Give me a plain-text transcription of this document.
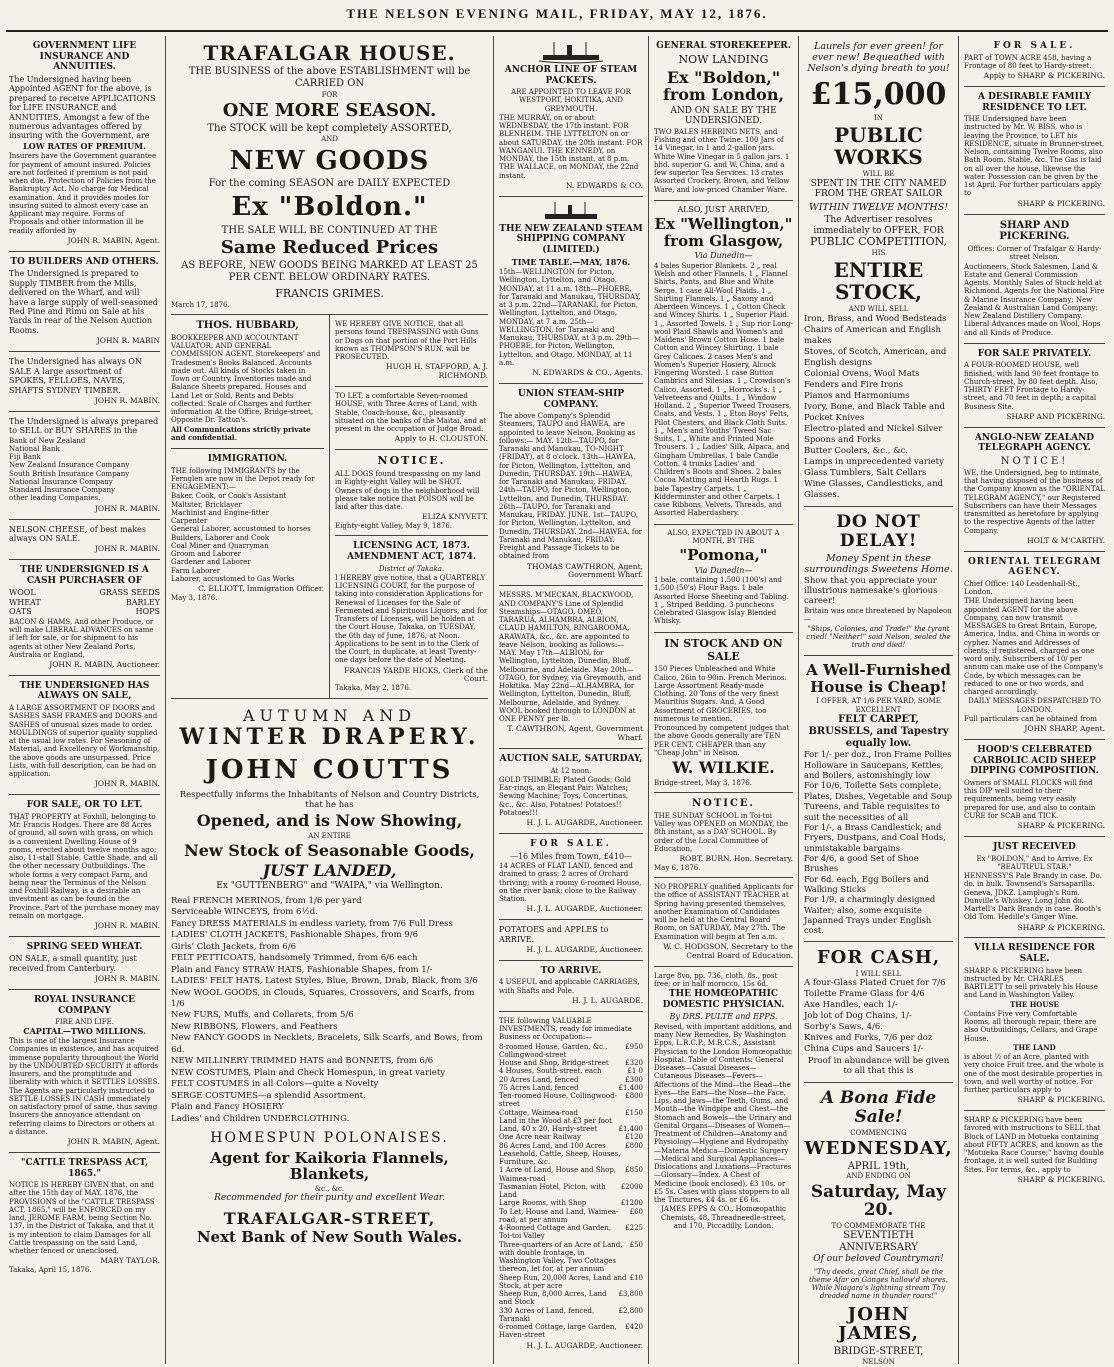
THE NELSON EVENING MAIL, FRIDAY, MAY 12, 1876.
GOVERNMENT LIFE INSURANCE AND ANNUITIES.

The Undersigned having been Appointed AGENT for the above, is prepared to receive APPLICATIONS for LIFE INSURANCE and ANNUITIES. Amongst a few of the numerous advantages offered by insuring with the Government, are

LOW RATES OF PREMIUM.

Insurers have the Government guarantee for payment of amount insured. Policies are not forfeited if premium is not paid when due. Protection of Policies from the Bankruptcy Act. No charge for Medical examination. And it provides modes for insuring suited to almost every case an Applicant may require. Forms of Proposals and other information ill be readily afforded by

JOHN R. MABIN, Agent.
TO BUILDERS AND OTHERS.

The Undersigned is prepared to Supply TIMBER from the Mills, delivered on the Wharf, and will have a large supply of well-seasoned Red Pine and Rimu on Sale at his Yards in rear of the Nelson Auction Rooms.

JOHN R. MABIN

The Undersigned has always ON SALE A large assortment of SPOKES, FELLOES, NAVES, SHAFTS SYDNEY TIMBER.

JOHN R. MABIN.

The Undersigned is always prepared to SELL or BUY SHARES in the

Bank of New Zealand

National Bank

Fiji Bank

New Zealand Insurance Company

South British Insurance Company

National Insurance Company

Standard Insurance Company

other leading Companies.

JOHN R. MABIN.

NELSON CHEESE, of best makes always ON SALE.

JOHN R. MABIN.
THE UNDERSIGNED IS A CASH PURCHASER OF
WOOL	GRASS SEEDS
WHEAT	BARLEY
OATS	HOPS

BACON & HAMS, And other Produce, or will make LIBERAL ADVANCES on same if left for sale, or for shipment to his agents at other New Zealand Ports, Australia or England,

JOHN R. MABIN, Auctioneer.
THE UNDERSIGNED HAS ALWAYS ON SALE,

A LARGE ASSORTMENT OF DOORS and SASHES SASH FRAMES and DOORS and SASHES of unusual sizes made to order. MOULDINGS of superior quality supplied at the usual low rates. For Seasoning of Material, and Excellency of Workmanship, the above goods are unsurpassed. Price Lists, with full description, can be had on application.

JOHN R. MABIN.
FOR SALE, OR TO LET.

THAT PROPERTY at Foxhill, belonging to Mr. Francis Hodges. There are 88 Acres of ground, all sown with grass, on which is a convenient Dwelling House of 9 rooms, erected about twelve months ago; also, 11-stall Stable, Cattle Shade, and all the other necessary Outbuildings. The whole forms a very compact Farm, and being near the Terminus of the Nelson and Foxhill Railway, is a desirable an investment as can be found in the Province. Part of the purchase money may remain on mortgage.

JOHN R. MABIN.
SPRING SEED WHEAT.

ON SALE, a small quantity, just received from Canterbury.

JOHN R. MABIN.
ROYAL INSURANCE COMPANY
FIRE AND LIFE.
CAPITAL—TWO MILLIONS.

This is one of the largest Insurance Companies in existence, and has acquired immense popularity throughout the World by the UNDOUBTED SECURITY it affords Insurers, and the promptitude and liberality with which it SETTLES LOSSES. The Agents are particularly instructed to SETTLE LOSSES IN CASH immediately on satisfactory proof of same, thus saving Insurers the annoyance attendant on referring claims to Directors or others at a distance.

JOHN R. MABIN, Agent.
"CATTLE TRESPASS ACT, 1865."

NOTICE IS HEREBY GIVEN that, on and after the 15th day of MAY, 1876, the PROVISIONS of the "CATTLE TRESPASS ACT, 1865," will be ENFORCED on my land, JEROME FARM, being Section No. 137, in the District of Takaka, and that it is my intention to claim Damages for all Cattle trespassing on the said Land, whether fenced or unenclosed.

MARY TAYLOR.
Takaka, April 15, 1876.
TRAFALGAR HOUSE.

THE BUSINESS of the above ESTABLISHMENT will be CARRIED ON

FOR
ONE MORE SEASON.

The STOCK will be kept completely ASSORTED,

AND
NEW GOODS

For the coming SEASON are DAILY EXPECTED

Ex "Boldon."

THE SALE WILL BE CONTINUED AT THE

Same Reduced Prices

AS BEFORE, NEW GOODS BEING MARKED AT LEAST 25 PER CENT. BELOW ORDINARY RATES.

FRANCIS GRIMES.
March 17, 1876.
THOS. HUBBARD,

BOOKKEEPER AND ACCOUNTANT VALUATOR, AND GENERAL COMMISSION AGENT. Storekeepers' and Tradesmen's Books Balanced. Accounts made out. All kinds of Stocks taken in Town or Country. Inventories made and Balance Sheets prepared. Houses and Land Let or Sold, Rents and Debts collected. Scale of Charges and further information At the Office, Bridge-street, Opposite Dr. Tatton's.

All Communications strictly private and confidential.

IMMIGRATION.

THE following IMMIGRANTS by the Fernglen are now in the Depot ready for ENGAGEMENT:—

Baker, Cook, or Cook's Assistant

Maltster, Bricklayer

Machinist and Engine-fitter

Carpenter

General Laborer, accustomed to horses

Builders, Laborer and Cook

Coal Miner and Quarryman

Groom and Laborer

Gardener and Laborer

Farm Laborer

Laborer, accustomed to Gas Works

C. ELLIOTT, Immigration Officer.
May 3, 1876.

WE HEREBY GIVE NOTICE, that all persons found TRESPASSING with Guns or Dogs on that portion of the Port Hills known as THOMPSON'S RUN, will be PROSECUTED.

HUGH H. STAFFORD, A. J. RICHMOND.

TO LET, a comfortable Seven-roomed HOUSE, with Three Acres of Land, with Stable, Coach-house, &c., pleasantly situated on the banks of the Maitai, and at present in the occupation of Judge Broad.

Apply to H. CLOUSTON.
NOTICE.

ALL DOGS found trespassing on my land in Eighty-eight Valley will be SHOT. Owners of dogs in the neighborhood will please take notice that POISON will be laid after this date.

ELIZA KNYVETT.
Eighty-eight Valley, May 9, 1876.
LICENSING ACT, 1873. AMENDMENT ACT, 1874.
District of Takaka.

I HEREBY give notice, that a QUARTERLY LICENSING COURT, for the purpose of taking into consideration Applications for Renewal of Licenses for the Sale of Fermented and Spirituous Liquors, and for Transfers of Licenses, will be holden at the Court House, Takaka, on TUESDAY, the 6th day of June, 1876, at Noon. Applications to be sent in to the Clerk of the Court, in duplicate, at least Twenty-one days before the date of Meeting.

FRANCIS YARDE HICKS, Clerk of the Court.
Takaka, May 2, 1876.
AUTUMN AND
WINTER DRAPERY.
JOHN COUTTS

Respectfully informs the Inhabitants of Nelson and Country Districts, that he has

Opened, and is Now Showing,
AN ENTIRE
New Stock of Seasonable Goods,
JUST LANDED,

Ex "GUTTENBERG" and "WAIPA," via Wellington.

Real FRENCH MERINOS, from 1/6 per yard

Serviceable WINCEYS, from 6½d.

Fancy DRESS MATERIALS in endless variety, from 7/6 Full Dress

LADIES' CLOTH JACKETS, Fashionable Shapes, from 9/6

Girls' Cloth Jackets, from 6/6

FELT PETTICOATS, handsomely Trimmed, from 6/6 each

Plain and Fancy STRAW HATS, Fashionable Shapes, from 1/-

LADIES' FELT HATS, Latest Styles, Blue, Brown, Drab, Black, from 3/6

New WOOL GOODS, in Clouds, Squares, Crossovers, and Scarfs, from 1/6

New FURS, Muffs, and Collarets, from 5/6

New RIBBONS, Flowers, and Feathers

New FANCY GOODS in Necklets, Bracelets, Silk Scarfs, and Bows, from 6d.

NEW MILLINERY TRIMMED HATS and BONNETS, from 6/6

NEW COSTUMES, Plain and Check Homespun, in great variety

FELT COSTUMES in all Colors—quite a Novelty

SERGE COSTUMES—a splendid Assortment.

Plain and Fancy HOSIERY

Ladies' and Children UNDERCLOTHING.

HOMESPUN POLONAISES.
Agent for Kaikoria Flannels, Blankets,
&c., &c.
Recommended for their purity and excellent Wear.
TRAFALGAR-STREET,
Next Bank of New South Wales.
ANCHOR LINE OF STEAM PACKETS.
ARE APPOINTED TO LEAVE FOR WESTPORT, HOKITIKA, AND GREYMOUTH.

THE MURRAY, on or about WEDNESDAY, the 17th instant. FOR BLENHEIM. THE LYTTELTON on or about SATURDAY, the 20th instant. FOR WANGANUI. THE KENNEDY, on MONDAY, the 15th instant, at 8 p.m. THE WALLACE, on MONDAY, the 22nd instant.

N. EDWARDS & CO.
THE NEW ZEALAND STEAM SHIPPING COMPANY (LIMITED.)
TIME TABLE.—MAY, 1876.

15th—WELLINGTON for Picton, Wellington, Lyttelton, and Otago, MONDAY, at 11 a.m. 18th—PHOEBE, for Taranaki and Manukau, THURSDAY, at 3 p.m. 22nd—TARANAKI, for Picton, Wellington, Lyttelton, and Otago, MONDAY, at 7 a.m. 25th—WELLINGTON, for Taranaki and Manukau, THURSDAY, at 3 p.m. 29th—PHOEBE, for Picton, Wellington, Lyttelton, and Otago, MONDAY, at 11 a.m.

N. EDWARDS & CO., Agents.
UNION STEAM-SHIP COMPANY.

The above Company's Splendid Steamers, TAUPO and HAWEA, are appointed to leave Nelson, Booking as follows:— MAY. 12th—TAUPO, for Taranaki and Manukau, TO-NIGHT (FRIDAY), at 8 o'clock. 13th—HAWEA, for Picton, Wellington, Lyttelton, and Dunedin, THURSDAY. 19th—HAWEA, for Taranaki and Manukau, FRIDAY. 24th—TAUPO, for Picton, Wellington, Lyttelton, and Dunedin, THURSDAY. 26th—TAUPO, for Taranaki and Manukau, FRIDAY. JUNE. 1st—TAUPO, for Picton, Wellington, Lyttelton, and Dunedin, THURSDAY. 2nd—HAWEA, for Taranaki and Manukau, FRIDAY. Freight and Passage Tickets to be obtained from

THOMAS CAWTHRON, Agent, Government Wharf.

MESSRS. M'MECKAN, BLACKWOOD, AND COMPANY'S Line of Splendid Steamships—OTAGO, OMEO, TARARUA, ALHAMBRA, ALBION, CLAUD HAMILTON, RINGAROOMA, ARAWATA, &c., &c. are appointed to leave Nelson, booking as follows:— MAY. May 17th—ALBION, for Wellington, Lyttelton, Dunedin, Bluff, Melbourne, and Adelaide. May 20th—OTAGO, for Sydney, via Greymouth, and Hokitika. May 22nd—ALHAMBRA, for Wellington, Lyttelton, Dunedin, Bluff, Melbourne, Adelaide, and Sydney. WOOL booked through to LONDON at ONE PENNY per lb.

T. CAWTHRON, Agent, Government Wharf.
AUCTION SALE, SATURDAY,
At 12 noon.

GOLD THIMBLE; Plated Goods; Gold Ear-rings, an Elegant Pair; Watches; Sewing Machine; Toys; Concertinas, &c., &c. Also, Potatoes! Potatoes!! Potatoes!!!

H. J. L. AUGARDE, Auctioneer.
FOR SALE.
—16 Miles from Town, £410—

14 ACRES of FLAT LAND, fenced and drained to grass; 2 acres of Orchard thriving; with a roomy 6-roomed House, on the river bank; close to the Railway Station.

H. J. L. AUGARDE, Auctioneer.

POTATOES and APPLES to ARRIVE.

H. J. L. AUGARDE, Auctioneer.
TO ARRIVE.

4 USEFUL and applicable CARRIAGES, with Shafts and Pole.

H. J. L. AUGARDE.

THE following VALUABLE INVESTMENTS, ready for immediate Business or Occupation:—

8-roomed House, Garden, &c., Collingwood-street
£950
House and Shop, Bridge-street	£320
4 Houses, South-street, each	£1 0
20 Acres Land, fenced	£300
75 Acres Land, fenced	£1,400
Ten-roomed House, Collingwood-street
£800
Cottage, Waimea-road	£150
Land in the Wood at £3 per foot
Land, 40 x 20, Hardy-street	£1,400
One Acre near Railway	£120
86 Acres Land, and 100 Acres Leasehold, Cattle, Sheep, Houses, Furniture, &c.
£800
1 Acre of Land, House and Shop, Waimea-road
£850
Tasmanian Hotel, Picton, with Land
£2000
Large Rooms, with Shop	£1200
To Let, House and Land, Waimea-road, at per annum
£60
4-Roomed Cottage and Garden, Toi-toi Valley
£225
Three-quarters of an Acre of Land, with double frontage, in Washington Valley, Two Cottages thereon, let for, at per annum
£50
Sheep Run, 20,000 Acres, Land and Stock, at per acre
£10
Sheep Run, 8,000 Acres, Land and Stock
£3,800
330 Acres of Land, fenced, Taranaki
£2,800
6-roomed Cottage, large Garden, Haven-street
£420
H. J. L. AUGARDE, Auctioneer.
GENERAL STOREKEEPER.
NOW LANDING
Ex "Boldon," from London,
AND ON SALE BY THE UNDERSIGNED.

TWO BALES HERRING NETS, and Fishing and other Twine. 100 Jars of 14 Vinegar, in 1 and 2-gallon jars. White Wine Vinegar in 5 gallon jars. 1 hhd. superior G. and W. China, and a few superior Tea Services. 13 crates Assorted Crockery, Brown, and Yellow Ware, and low-priced Chamber Ware.

ALSO, JUST ARRIVED,
Ex "Wellington," from Glasgow,
Via Dunedin—

4 bales Superior Blankets. 2 „ real Welsh and other Flannels. 1 „ Flannel Shirts, Pants, and Blue and White Serge. 1 case All-Wool Plaids. 1 „ Shirting Flannels. 1 „ Saxony and Aberdeen Winceys. 1 „ Cotton Check and Wincey Shirts. 1 „ Superior Plaid. 1 „ Assorted Towels. 1 „ Sup rior Long-wool Plaid Shawls and Women's and Maidens' Brown Cotton Hose. 1 bale Cotton and Wincey Shirting. 1 bale Grey Calicoes. 2 cases Men's and Women's Superior Hosiery, Alcock Fingering Worsted. 1 case Button Cambrics and Silesias. 1 „ Crowdson's Calico, Assorted. 1 „ Horrocks's. 1 „ Velveteens and Quilts. 1 „ Window Holland. 2 „ Superior Tweed Trousers, Coats, and Vests. 1 „ Eton Boys' Felts, Pilot Chesters, and Black Cloth Suits. 1 „ Men's and Youths' Tweed Sac Suits. 1 „ White and Printed Mole Trousers. 1 „ Ladies' Silk, Alpaca, and Gingham Umbrellas. 1 bale Candle Cotton. 4 trunks Ladies' and Children's Boots and Shoes. 2 bales Cocoa Matting and Hearth Rugs. 1 bale Tapestry Carpets. 1 „ Kidderminster and other Carpets. 1 case Ribbons, Velvets, Threads, and Assorted Haberdashery.

ALSO, EXPECTED IN ABOUT A MONTH, BY THE
"Pomona,"
Via Dunedin—

1 bale, containing 1,500 (100's) and 1,500 (50's) Flour Bags. 1 bale Assorted Horse Sheeting and Tabling. 1 „ Striped Bedding. 3 puncheons Celebrated Glasgow Islay Blended Whisky.

IN STOCK AND ON SALE

150 Pieces Unbleached and White Calico, 26in to 90in. French Merinos. Large Assortment Ready-made Clothing. 20 Tons of the very finest Mauritius Sugars. And, A Good Assortment of GROCERIES, too numerous to mention.

Pronounced by competent judges that the above Goods generally are TEN PER CENT. CHEAPER than any "Cheap John" in Nelson.

W. WILKIE.
Bridge-street, May 3, 1876.
NOTICE.

THE SUNDAY SCHOOL in Toi-toi Valley was OPENED on MONDAY, the 8th instant, as a DAY SCHOOL. By order of the Local Committee of Education,

ROBT. BURN, Hon. Secretary.
May 6, 1876.

NO PROPERLY qualified Applicants for the office of ASSISTANT TEACHER at Spring having presented themselves, another Examination of Candidates will be held at the Central Board Room, on SATURDAY, May 27th. The Examination will begin at Ten a.m.

W. C. HODGSON, Secretary to the Central Board of Education.

Large 8vo, pp. 736, cloth, 8s., post free; or in half morocco, 15s 6d.

THE HOMŒOPATHIC DOMESTIC PHYSICIAN.
By DRS. PULTE and EPPS.

Revised, with important additions, and many New Remedies, By Washington Epps, L.R.C.P., M.R.C.S., Assistant Physician to the London Homœopathic Hospital. Table of Contents: General Diseases—Casual Diseases—Cutaneous Diseases—Fevers—Affections of the Mind—the Head—the Eyes—the Ears—the Nose—the Face, Lips, and Jaws—the Teeth, Gums, and Mouth—the Windpipe and Chest—the Stomach and Bowels—the Urinary and Genital Organs—Diseases of Women—Treatment of Children—Anatomy and Physiology—Hygiene and Hydropathy—Materia Medica—Domestic Surgery—Medical and Surgical Appliances—Dislocations and Luxations—Fractures—Glossary—Index. A Chest of Medicine (book enclosed), £3 10s. or £5 5s. Cases with glass stoppers to all the Tinctures, £4 4s. or £6 6s.

JAMES EPPS & CO., Homœopathic Chemists, 48, Threadneedle-street, and 170, Piccadilly, London.

Laurels for ever green! for ever new! Bequeathed with Nelson's dying breath to you!

£15,000
IN
PUBLIC WORKS
WILL BE
SPENT IN THE CITY NAMED FROM THE GREAT SAILOR
WITHIN TWELVE MONTHS!
The Advertiser resolves immediately to OFFER, FOR
PUBLIC COMPETITION,
HIS
ENTIRE STOCK,
AND WILL SELL

Iron, Brass, and Wood Bedsteads

Chairs of American and English makes

Stoves, of Scotch, American, and English designs

Colonial Ovens, Wool Mats

Fenders and Fire Irons

Pianos and Harmoniums

Ivory, Bone, and Black Table and Pocket Knives

Electro-plated and Nickel Silver Spoons and Forks

Butter Coolers, &c., &c.

Lamps in unprecedented variety

Glass Tumblers, Salt Cellars

Wine Glasses, Candlesticks, and Glasses.

DO NOT DELAY!
Money Spent in these surroundings Sweetens Home.

Show that you appreciate your illustrious namesake's glorious career!

Britain was once threatened by Napoleon—

"Ships, Colonies, and Trade!" the tyrant cried! "Neither!" said Nelson, sealed the truth and died!

A Well-Furnished House is Cheap!
I OFFER, AT 1/6 PER YARD, SOME EXCELLENT
FELT CARPET, BRUSSELS, and Tapestry equally low.

For 1/- per doz., Iron Frame Pollies

Holloware in Saucepans, Kettles, and Boilers, astonishingly low

For 10/6, Toilette Sets complete, Plates, Dishes, Vegetable and Soup Tureens, and Table requisites to suit the necessities of all

For 1/-, a Brass Candlestick; and Fryers, Dustpans, and Coal Hods, unmistakable bargains

For 4/6, a good Set of Shoe Brushes

For 6d. each, Egg Boilers and Walking Sticks

For 1/9, a charmingly designed Waiter; also, some exquisite Japanned Trays under English cost.

FOR CASH,
I WILL SELL

A four-Glass Plated Cruet for 7/6

Toilette Frame Glass for 4/6

Axe Handles, each 1/-

Job lot of Dog Chains, 1/-

Sorby's Saws, 4/6.

Knives and Forks, 7/6 per doz

China Cups and Saucers 1/-

Proof in abundance will be given to all that this is

A Bona Fide Sale!
COMMENCING
WEDNESDAY,
APRIL 19th,
AND ENDING ON
Saturday, May 20.
TO COMMEMORATE THE
SEVENTIETH ANNIVERSARY
Of our beloved Countryman!

"Thy deeds, great Chief, shall be the theme Afar on Ganges hallow'd shores, While Niagara's lightning stream Thy dreaded name in thunder roars!"

JOHN JAMES,
BRIDGE-STREET,
NELSON
FOR SALE.

PART of TOWN ACRE 458, having a Frontage of 80 feet to Hardy-street.

Apply to SHARP & PICKERING.
A DESIRABLE FAMILY RESIDENCE TO LET.

THE Undersigned have been instructed by Mr. W. BISS, who is leaving the Province, to LET his RESIDENCE, situate in Brunner-street, Nelson, containing Twelve Rooms, also Bath Room, Stable, &c. The Gas is laid on all over the house, likewise the water. Possession can be given by the 1st April. For further particulars apply to

SHARP & PICKERING.
SHARP AND PICKERING.
Offices: Corner of Trafalgar & Hardy-street Nelson.

Auctioneers, Stock Salesmen, Land & Estate and General Commission Agents. Monthly Sales of Stock held at Richmond. Agents for the National Fire & Marine Insurance Company; New Zealand & Australian Land Company; New Zealand Distillery Company. Liberal Advances made on Wool, Hops and all Kinds of Produce.

FOR SALE PRIVATELY.

A FOUR-ROOMED HOUSE, well finished, with land 90 feet frontage to Church-street, by 80 feet depth. Also, THIRTY FEET Frontage to Hardy-street, and 70 feet in depth; a capital Business Site.

SHARP AND PICKERING.
ANGLO-NEW ZEALAND TELEGRAPH AGENCY.
NOTICE!

WE, the Undersigned, beg to intimate, that having disposed of the business of the Company known as the "ORIENTAL TELEGRAM AGENCY," our Registered Subscribers can have their Messages transmitted as heretofore by applying to the respective Agents of the latter Company.

HOLT & M'CARTHY.
ORIENTAL TELEGRAM AGENCY.
Chief Office: 140 Leadenhall-St., London.

THE Undersigned having been appointed AGENT for the above Company, can now transmit MESSAGES to Great Britain, Europe, America, India, and China in words or cypher. Names and Addresses of clients, if registered, charged as one word only. Subscribers of 10/ per annum can make use of the Company's Code, by which messages can be reduced to one or two words, and charged accordingly.

DAILY MESSAGES DESPATCHED TO LONDON.

Full particulars can be obtained from

JOHN SHARP, Agent.
HOOD'S CELEBRATED CARBOLIC ACID SHEEP DIPPING COMPOSITION.

Owners of SMALL FLOCKS will find this DIP well suited to their requirements, being very easily prepared for use, and also to contain CURE for SCAB and TICK.

SHARP & PICKERING.
JUST RECEIVED
Ex "BOLDON," And to Arrive, Ex "BEAUTIFUL STAR."

HENNESSY'S Pale Brandy in case. Do. do. in bulk. Townsend's Sarsaparilla. Geneva, JDKZ. Lamplugh's Rum. Dunville's Whiskey. Long John do. Martell's Dark Brandy in case. Booth's Old Tom. Hedille's Ginger Wine.

SHARP & PICKERING.
VILLA RESIDENCE FOR SALE.

SHARP & PICKERING have been instructed by Mr. CHARLES BARTLETT to sell privately his House and Land in Washington Valley.

THE HOUSE

Contains Five very Comfortable Rooms, all thorough repair, there are also Outbuildings, Cellars, and Grape House.

THE LAND

is about ½ of an Acre, planted with very choice Fruit tree, and the whole is one of the most desirable properties in town, and well worthy of notice. For further particulars apply to

SHARP & PICKERING.

SHARP & PICKERING have been favored with instructions to SELL that Block of LAND in Motueka containing about FIFTY ACRES, and known as the "Motueka Race Course;" having double frontage, it is well suited for Building Sites. For terms, &c., apply to

SHARP & PICKERING.
